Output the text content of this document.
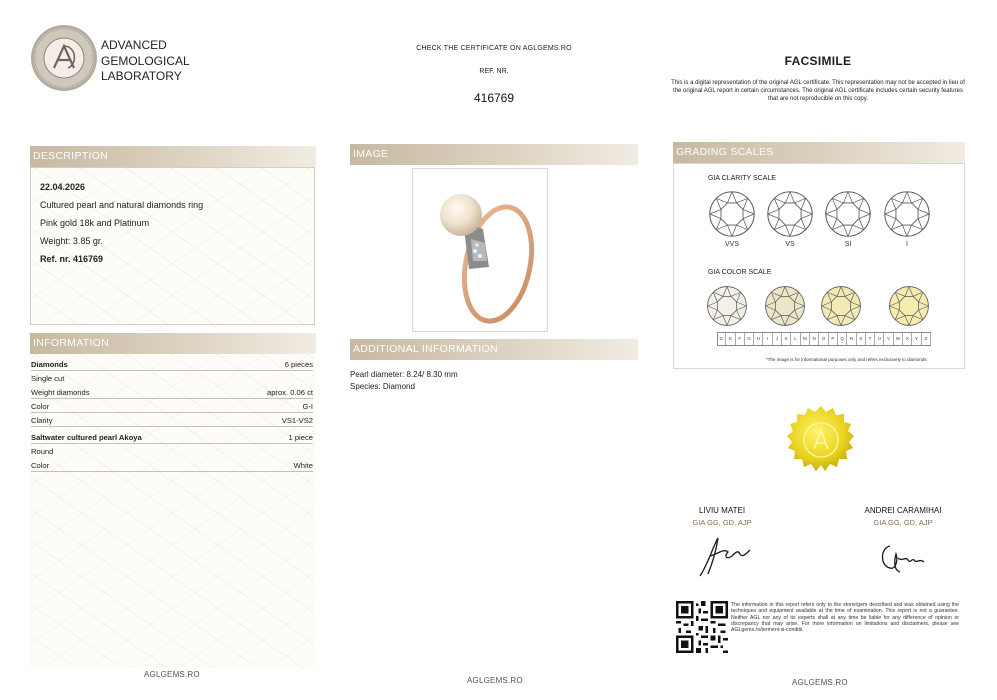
ADVANCED
GEMOLOGICAL
LABORATORY
CHECK THE CERTIFICATE ON AGLGEMS.RO
REF. NR.
416769
FACSIMILE
This is a digital representation of the original AGL certificate. This representation may not be accepted in lieu of the original AGL report in certain circumstances. The original AGL certificate includes certain security features that are not reproducible on this copy.
DESCRIPTION
22.04.2026
Cultured pearl and natural diamonds ring
Pink gold 18k and Platinum
Weight: 3.85 gr.
Ref. nr. 416769
INFORMATION
Diamonds	6 pieces
Single cut
Weight diamonds	aprox. 0.06 ct
Color	G-I
Clarity	VS1-VS2
Saltwater cultured pearl Akoya	1 piece
Round
Color	White
AGLGEMS.RO
IMAGE
ADDITIONAL INFORMATION
Pearl diameter: 8.24/ 8.30 mm
Species: Diamond
AGLGEMS.RO
GRADING SCALES
GIA CLARITY SCALE
VVS	VS	SI	I
GIA COLOR SCALE
D	E	F	G	H	I	J	K	L	M	N	O	P	Q	R	S	T	U	V	W	X	Y	Z
*The image is for informational purposes only and refers exclusively to diamonds
LIVIU MATEI
GIA GG, GD, AJP
ANDREI CARAMIHAI
GIA GG, GD, AJP
The information in this report refers only to the stone/gem described and was obtained using the techniques and equipment available at the time of examination. This report is not a guarantee. Neither AGL nor any of its experts shall at any time be liable for any difference of opinion or discrepancy that may arise. For more information on limitations and disclaimers, please see AGLgems.ro/termeni-si-conditii.
AGLGEMS.RO
